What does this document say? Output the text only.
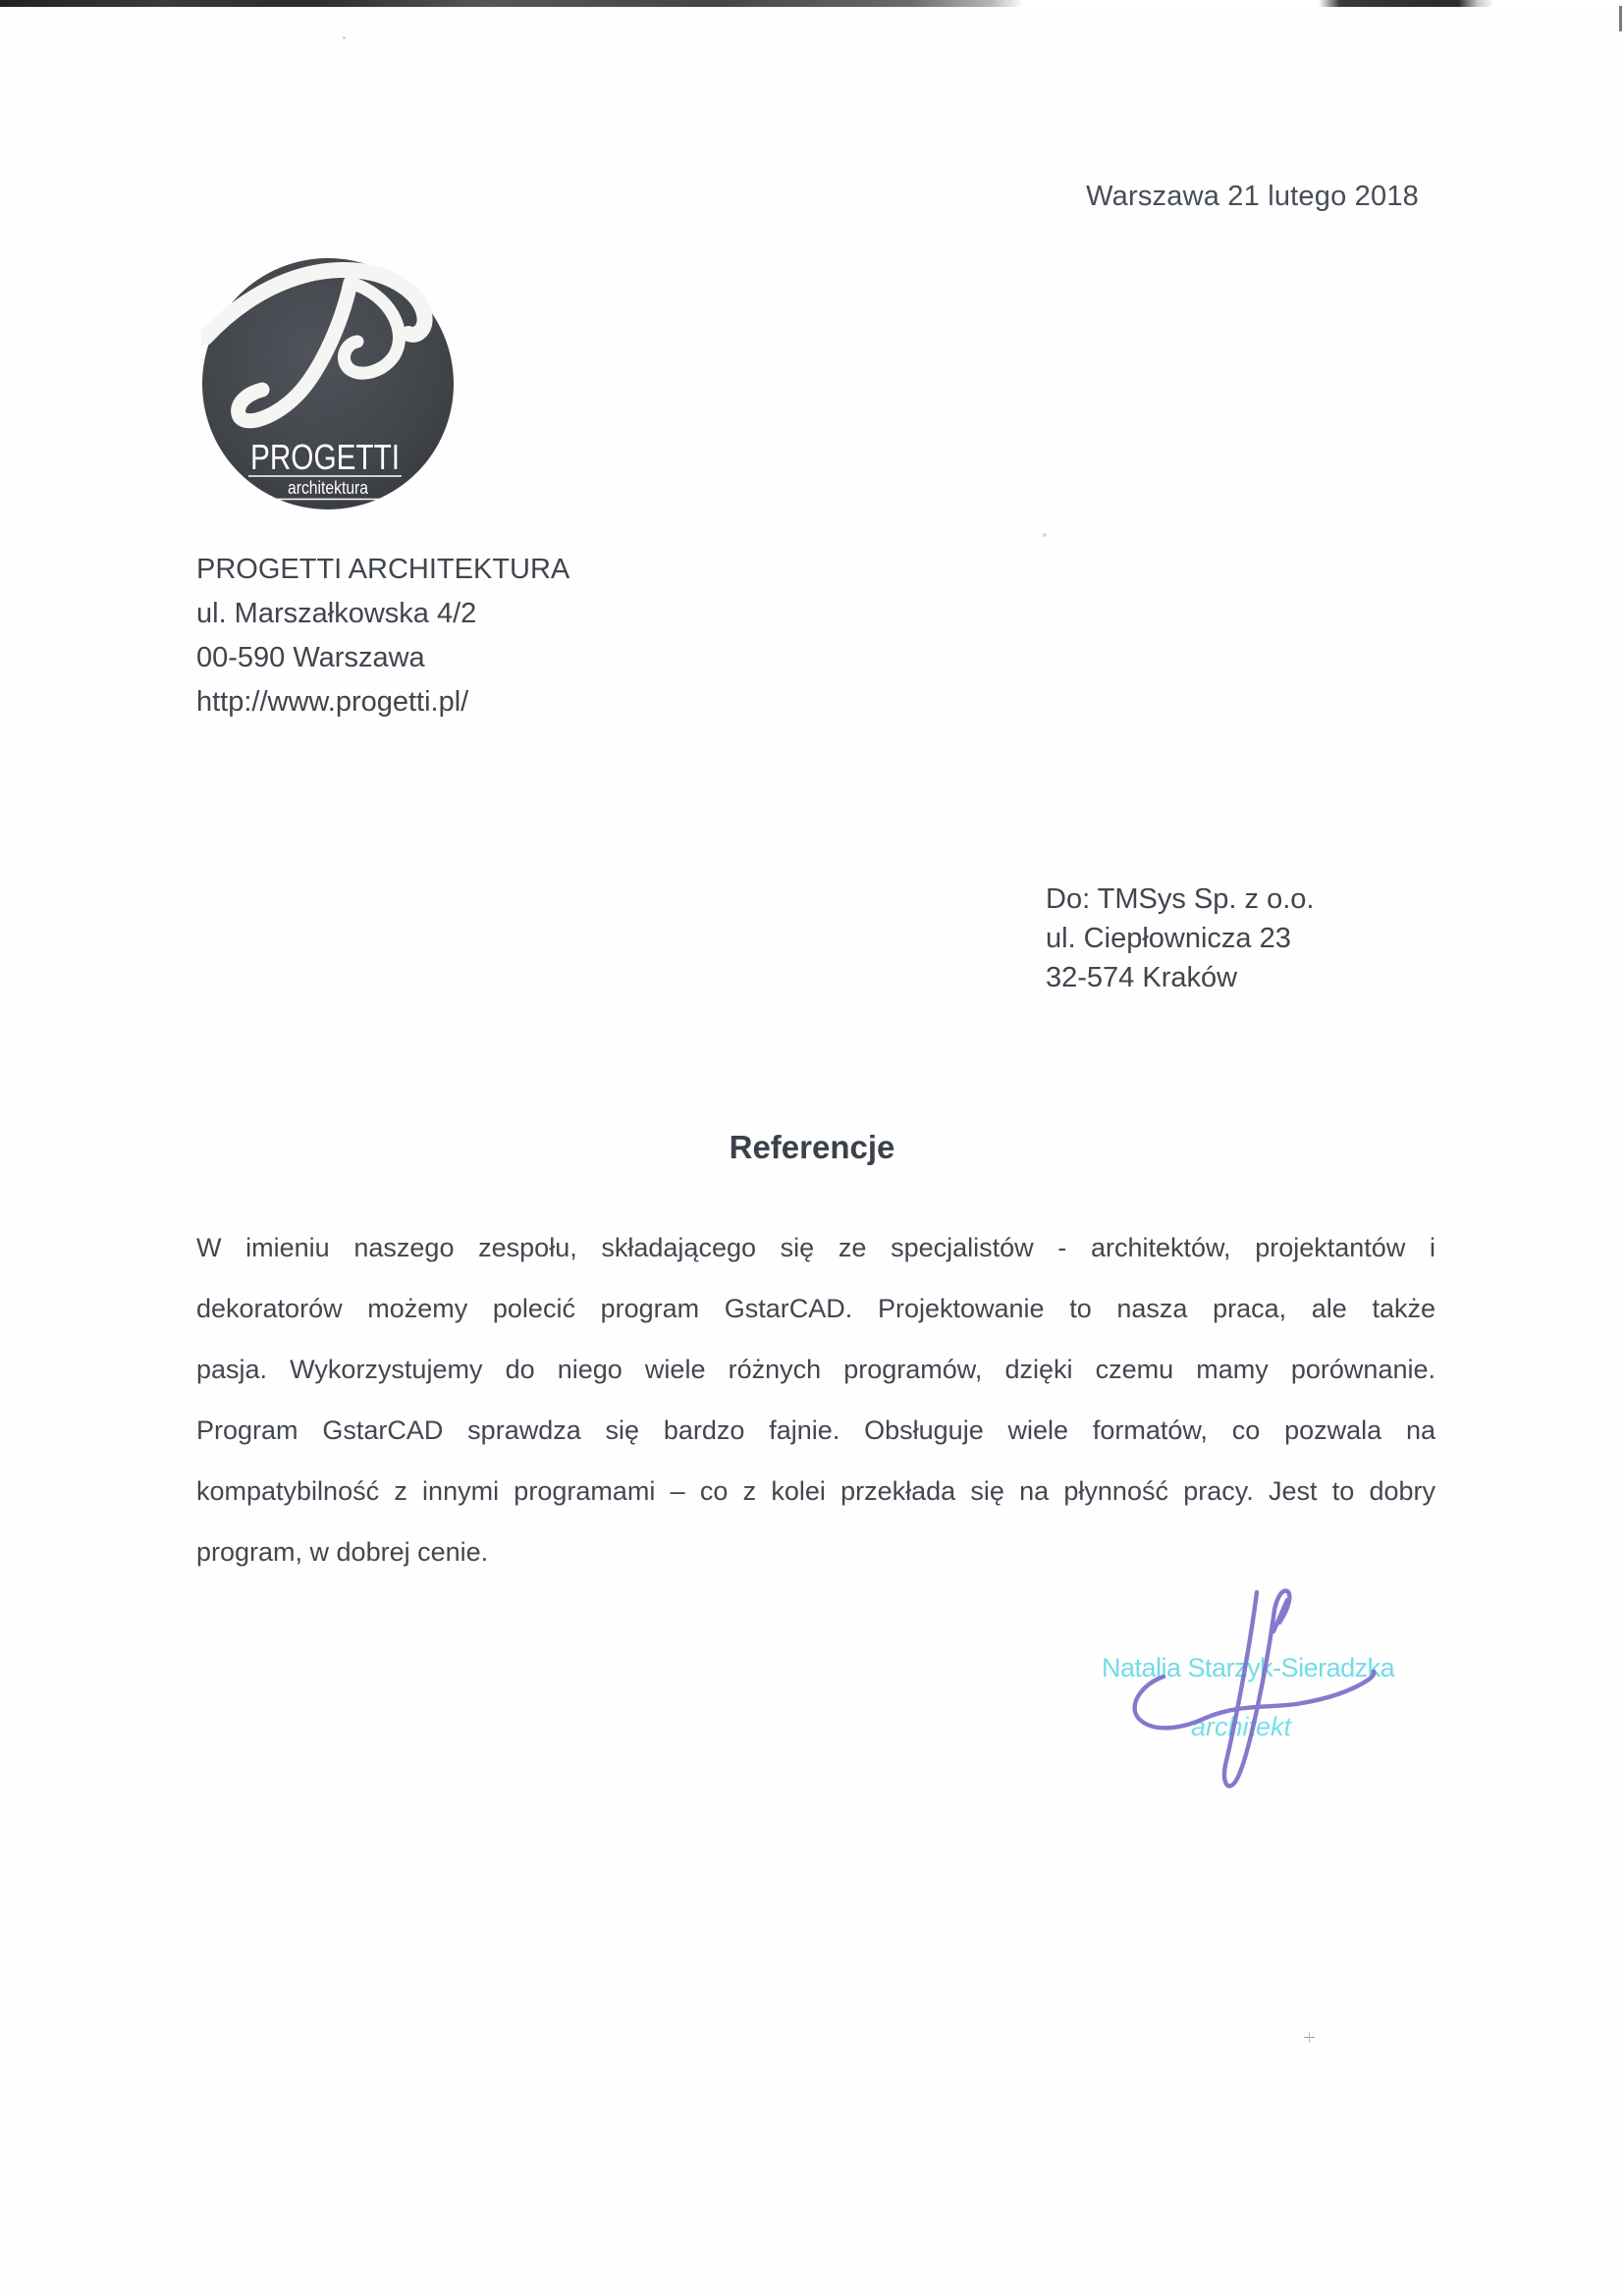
Warszawa 21 lutego 2018
PROGETTI
architektura
PROGETTI ARCHITEKTURA
ul. Marszałkowska 4/2
00-590 Warszawa
http://www.progetti.pl/
Do: TMSys Sp. z o.o.
ul. Ciepłownicza 23
32-574 Kraków
Referencje
W imieniu naszego zespołu, składającego się ze specjalistów - architektów, projektantów i
dekoratorów możemy polecić program GstarCAD. Projektowanie to nasza praca, ale także
pasja. Wykorzystujemy do niego wiele różnych programów, dzięki czemu mamy porównanie.
Program GstarCAD sprawdza się bardzo fajnie. Obsługuje wiele formatów, co pozwala na
kompatybilność z innymi programami – co z kolei przekłada się na płynność pracy. Jest to dobry
program, w dobrej cenie.
Natalia Starzyk-Sieradzka
architekt
